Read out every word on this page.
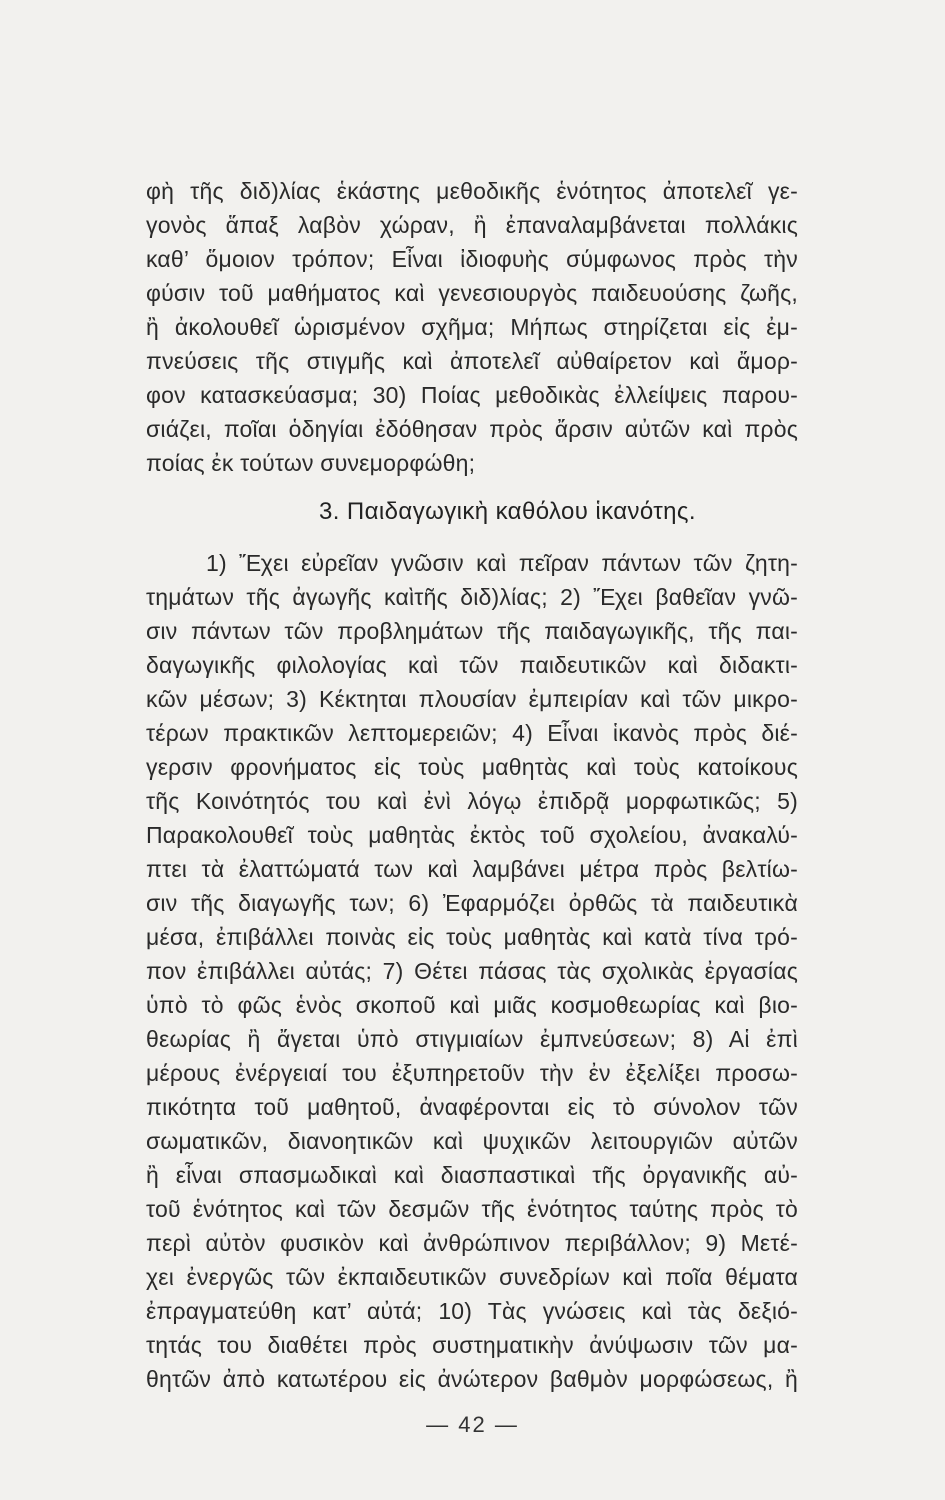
φὴ τῆς διδ)λίας ἑκάστης μεθοδικῆς ἑνότητος ἀποτελεῖ γε-
γονὸς ἅπαξ λαβὸν χώραν, ἢ ἐπαναλαμβάνεται πολλάκις
καθ’ ὅμοιον τρόπον; Εἶναι ἰδιοφυὴς σύμφωνος πρὸς τὴν
φύσιν τοῦ μαθήματος καὶ γενεσιουργὸς παιδευούσης ζωῆς,
ἢ ἀκολουθεῖ ὡρισμένον σχῆμα; Μήπως στηρίζεται εἰς ἐμ-
πνεύσεις τῆς στιγμῆς καὶ ἀποτελεῖ αὐθαίρετον καὶ ἄμορ-
φον κατασκεύασμα; 30) Ποίας μεθοδικὰς ἐλλείψεις παρου-
σιάζει, ποῖαι ὁδηγίαι ἐδόθησαν πρὸς ἄρσιν αὐτῶν καὶ πρὸς
ποίας ἐκ τούτων συνεμορφώθη;
3. Παιδαγωγικὴ καθόλου ἱκανότης.
1) Ἔχει εὐρεῖαν γνῶσιν καὶ πεῖραν πάντων τῶν ζητη-
τημάτων τῆς ἀγωγῆς καὶτῆς διδ)λίας; 2) Ἔχει βαθεῖαν γνῶ-
σιν πάντων τῶν προβλημάτων τῆς παιδαγωγικῆς, τῆς παι-
δαγωγικῆς φιλολογίας καὶ τῶν παιδευτικῶν καὶ διδακτι-
κῶν μέσων; 3) Κέκτηται πλουσίαν ἐμπειρίαν καὶ τῶν μικρο-
τέρων πρακτικῶν λεπτομερειῶν; 4) Εἶναι ἱκανὸς πρὸς διέ-
γερσιν φρονήματος εἰς τοὺς μαθητὰς καὶ τοὺς κατοίκους
τῆς Κοινότητός του καὶ ἐνὶ λόγῳ ἐπιδρᾷ μορφωτικῶς; 5)
Παρακολουθεῖ τοὺς μαθητὰς ἐκτὸς τοῦ σχολείου, ἀνακαλύ-
πτει τὰ ἐλαττώματά των καὶ λαμβάνει μέτρα πρὸς βελτίω-
σιν τῆς διαγωγῆς των; 6) Ἐφαρμόζει ὀρθῶς τὰ παιδευτικὰ
μέσα, ἐπιβάλλει ποινὰς εἰς τοὺς μαθητὰς καὶ κατὰ τίνα τρό-
πον ἐπιβάλλει αὐτάς; 7) Θέτει πάσας τὰς σχολικὰς ἐργασίας
ὑπὸ τὸ φῶς ἑνὸς σκοποῦ καὶ μιᾶς κοσμοθεωρίας καὶ βιο-
θεωρίας ἢ ἄγεται ὑπὸ στιγμιαίων ἐμπνεύσεων; 8) Αἱ ἐπὶ
μέρους ἐνέργειαί του ἐξυπηρετοῦν τὴν ἐν ἐξελίξει προσω-
πικότητα τοῦ μαθητοῦ, ἀναφέρονται εἰς τὸ σύνολον τῶν
σωματικῶν, διανοητικῶν καὶ ψυχικῶν λειτουργιῶν αὐτῶν
ἢ εἶναι σπασμωδικαὶ καὶ διασπαστικαὶ τῆς ὀργανικῆς αὐ-
τοῦ ἑνότητος καὶ τῶν δεσμῶν τῆς ἑνότητος ταύτης πρὸς τὸ
περὶ αὐτὸν φυσικὸν καὶ ἀνθρώπινον περιβάλλον; 9) Μετέ-
χει ἐνεργῶς τῶν ἐκπαιδευτικῶν συνεδρίων καὶ ποῖα θέματα
ἐπραγματεύθη κατ’ αὐτά; 10) Τὰς γνώσεις καὶ τὰς δεξιό-
τητάς του διαθέτει πρὸς συστηματικὴν ἀνύψωσιν τῶν μα-
θητῶν ἀπὸ κατωτέρου εἰς ἀνώτερον βαθμὸν μορφώσεως, ἢ
— 42 —
